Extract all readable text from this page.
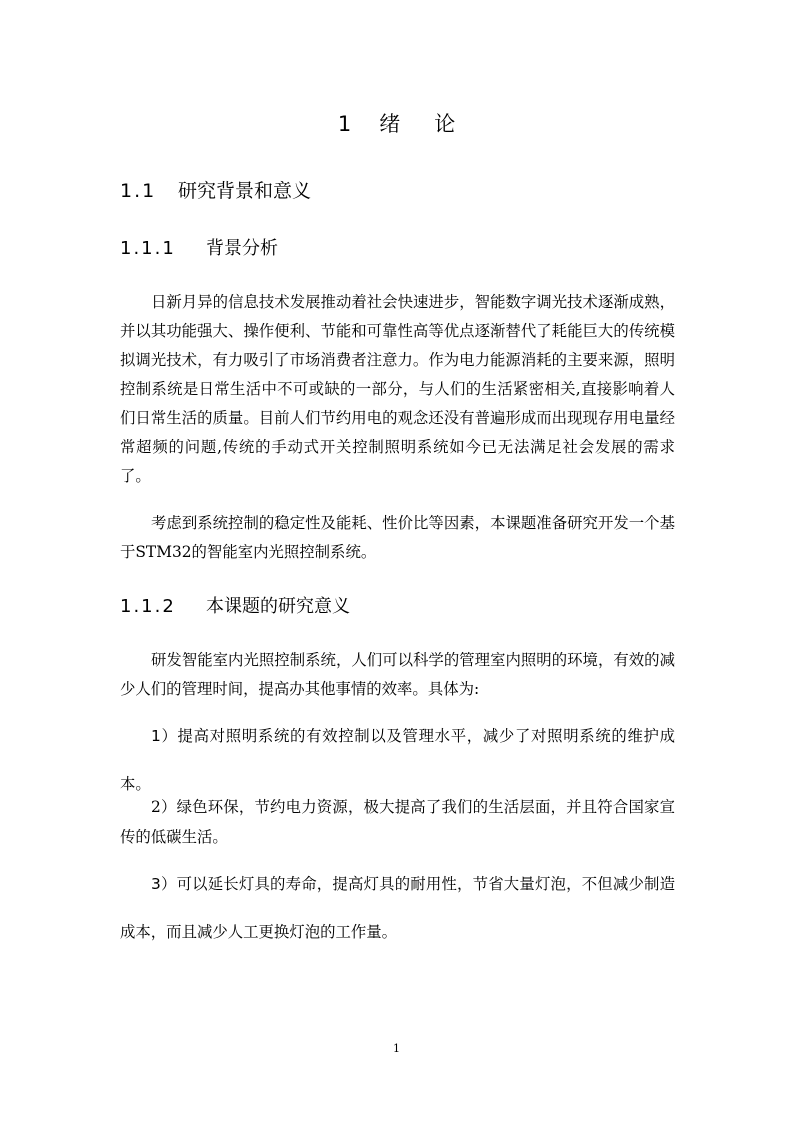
1 绪 论
1.1 研究背景和意义
1.1.1 背景分析

日新月异的信息技术发展推动着社会快速进步，智能数字调光技术逐渐成熟，并以其功能强大、操作便利、节能和可靠性高等优点逐渐替代了耗能巨大的传统模拟调光技术，有力吸引了市场消费者注意力。作为电力能源消耗的主要来源，照明控制系统是日常生活中不可或缺的一部分，与人们的生活紧密相关,直接影响着人们日常生活的质量。目前人们节约用电的观念还没有普遍形成而出现现存用电量经常超频的问题,传统的手动式开关控制照明系统如今已无法满足社会发展的需求了。

考虑到系统控制的稳定性及能耗、性价比等因素，本课题准备研究开发一个基于STM32的智能室内光照控制系统。

1.1.2 本课题的研究意义

研发智能室内光照控制系统，人们可以科学的管理室内照明的环境，有效的减少人们的管理时间，提高办其他事情的效率。具体为:

1）提高对照明系统的有效控制以及管理水平，减少了对照明系统的维护成本。

2）绿色环保，节约电力资源，极大提高了我们的生活层面，并且符合国家宣传的低碳生活。

3）可以延长灯具的寿命，提高灯具的耐用性，节省大量灯泡，不但减少制造成本，而且减少人工更换灯泡的工作量。

1
